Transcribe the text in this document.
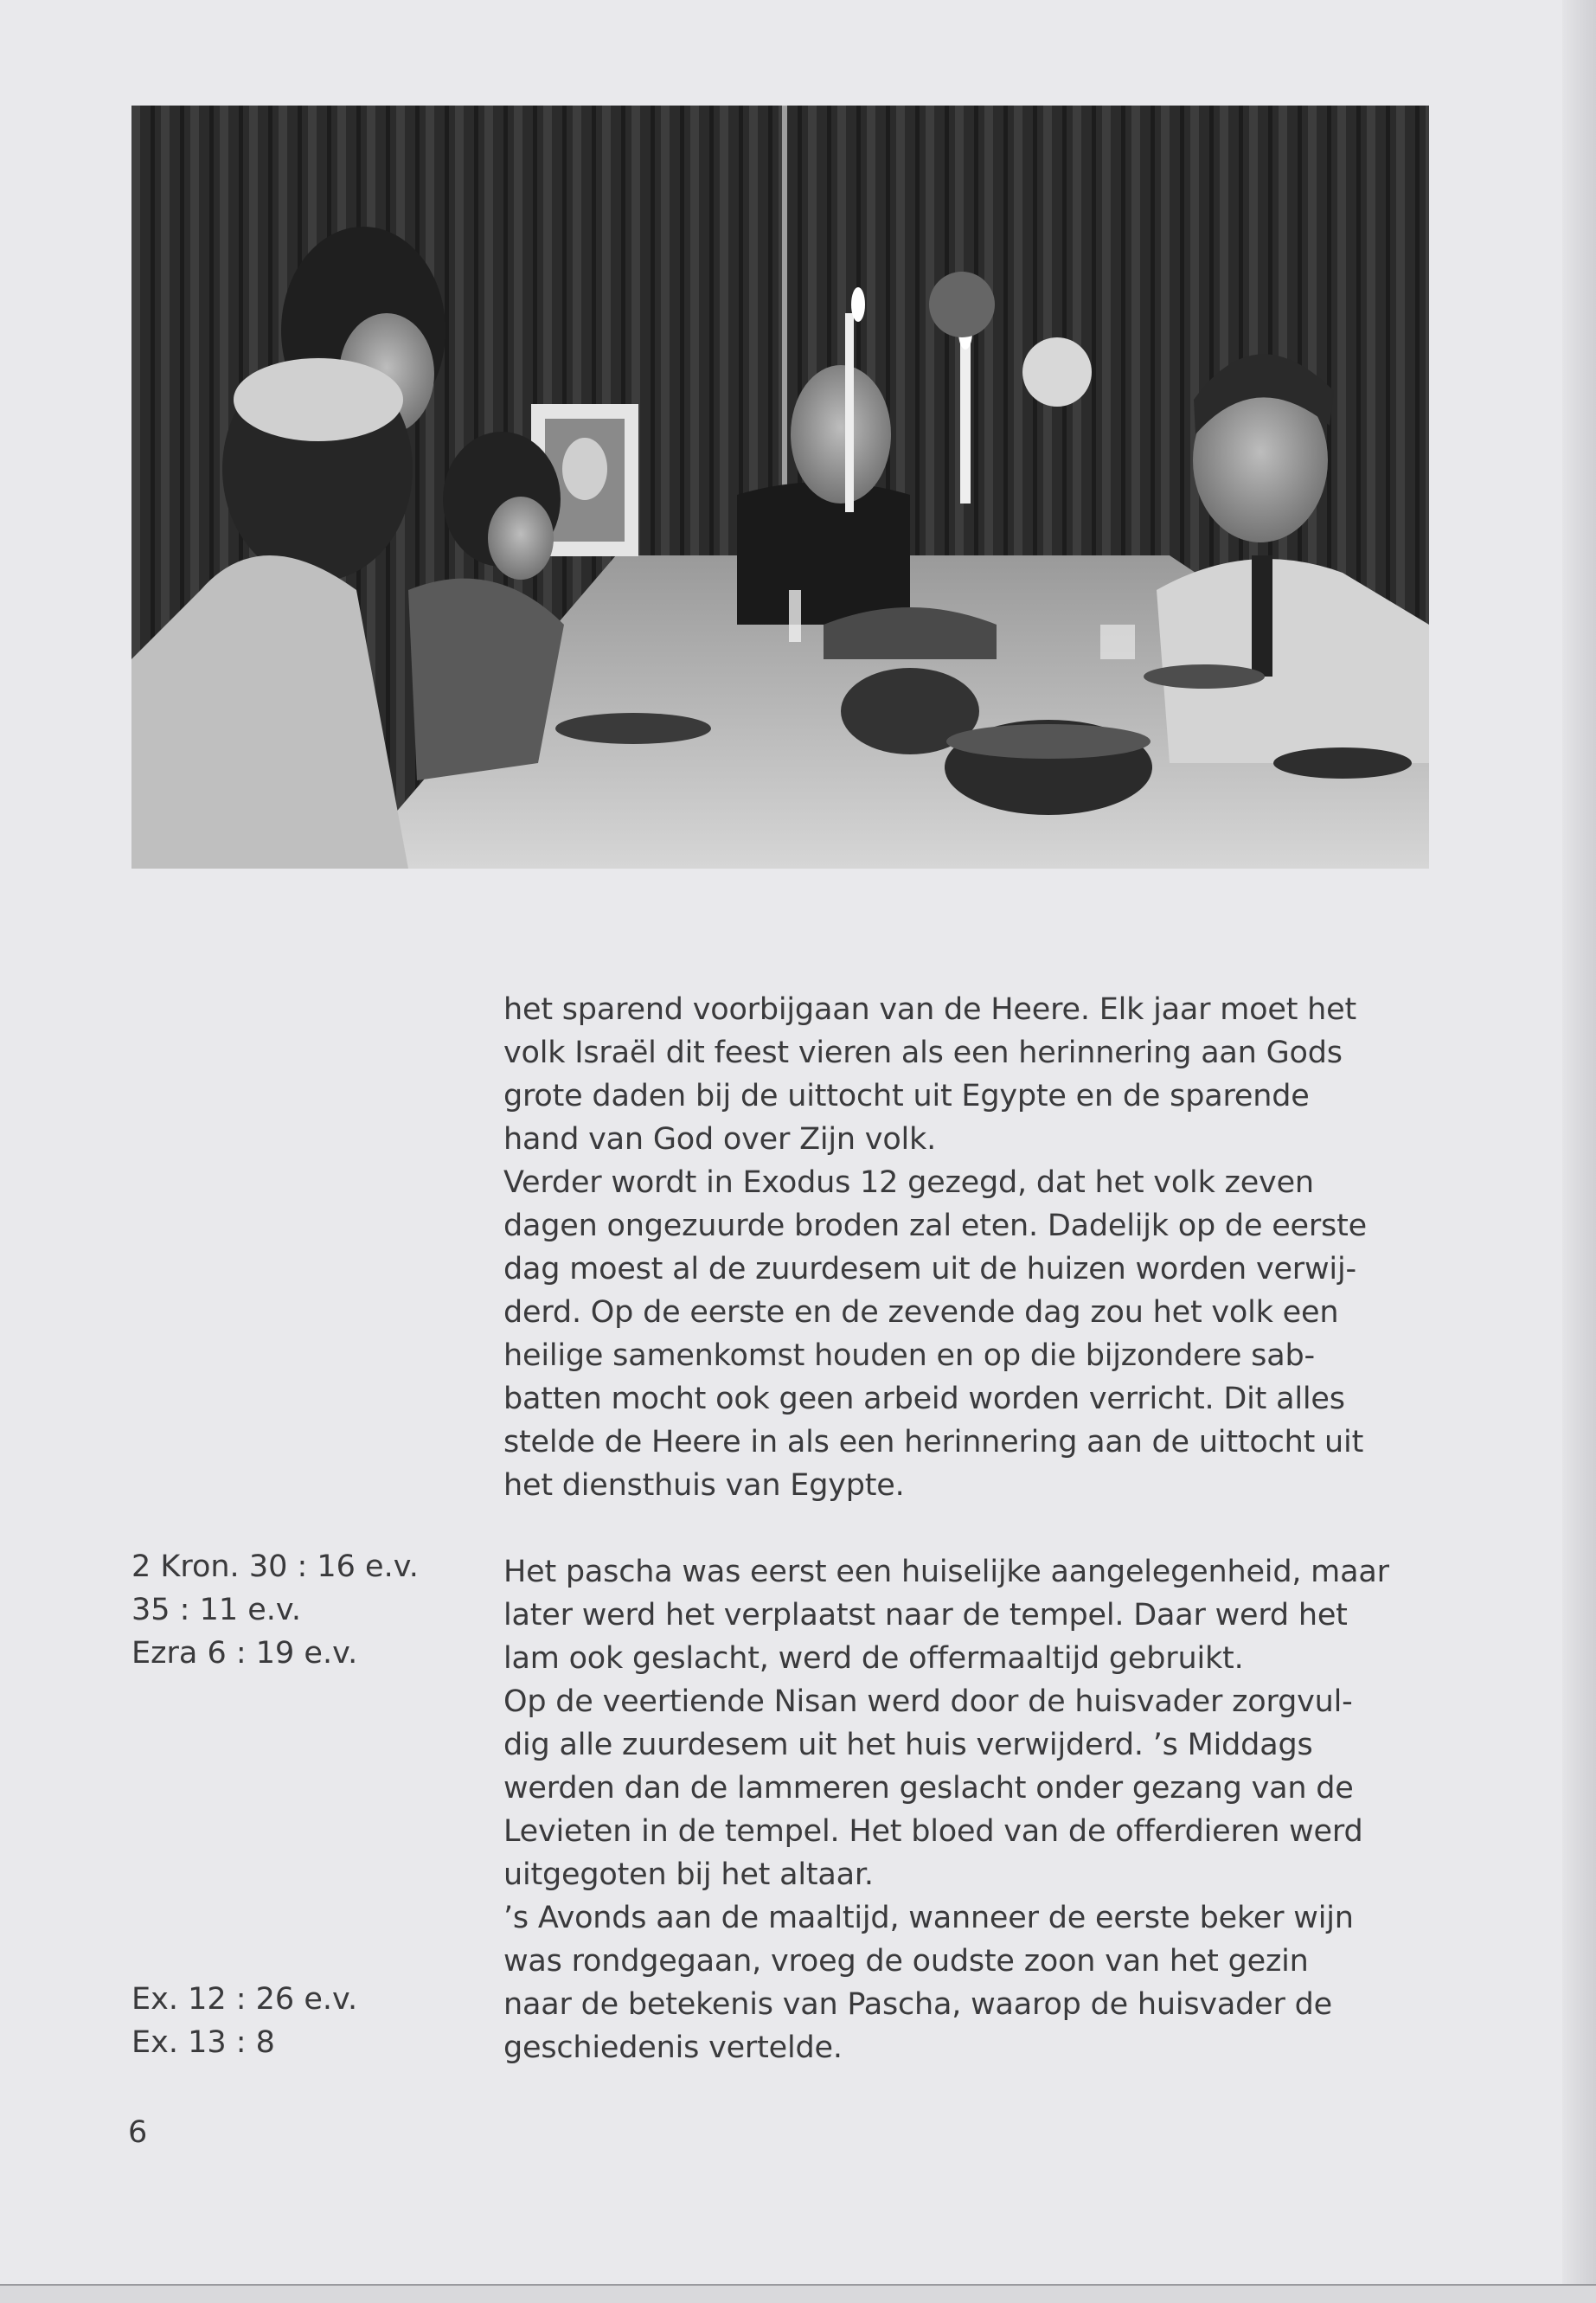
het sparend voorbijgaan van de Heere. Elk jaar moet het
volk Israël dit feest vieren als een herinnering aan Gods
grote daden bij de uittocht uit Egypte en de sparende
hand van God over Zijn volk.
Verder wordt in Exodus 12 gezegd, dat het volk zeven
dagen ongezuurde broden zal eten. Dadelijk op de eerste
dag moest al de zuurdesem uit de huizen worden verwij-
derd. Op de eerste en de zevende dag zou het volk een
heilige samenkomst houden en op die bijzondere sab-
batten mocht ook geen arbeid worden verricht. Dit alles
stelde de Heere in als een herinnering aan de uittocht uit
het diensthuis van Egypte.

Het pascha was eerst een huiselijke aangelegenheid, maar
later werd het verplaatst naar de tempel. Daar werd het
lam ook geslacht, werd de offermaaltijd gebruikt.
Op de veertiende Nisan werd door de huisvader zorgvul-
dig alle zuurdesem uit het huis verwijderd. ’s Middags
werden dan de lammeren geslacht onder gezang van de
Levieten in de tempel. Het bloed van de offerdieren werd
uitgegoten bij het altaar.
’s Avonds aan de maaltijd, wanneer de eerste beker wijn
was rondgegaan, vroeg de oudste zoon van het gezin
naar de betekenis van Pascha, waarop de huisvader de
geschiedenis vertelde.

2 Kron. 30 : 16 e.v.
35 : 11 e.v.
Ezra 6 : 19 e.v.
Ex. 12 : 26 e.v.
Ex. 13 : 8
6
